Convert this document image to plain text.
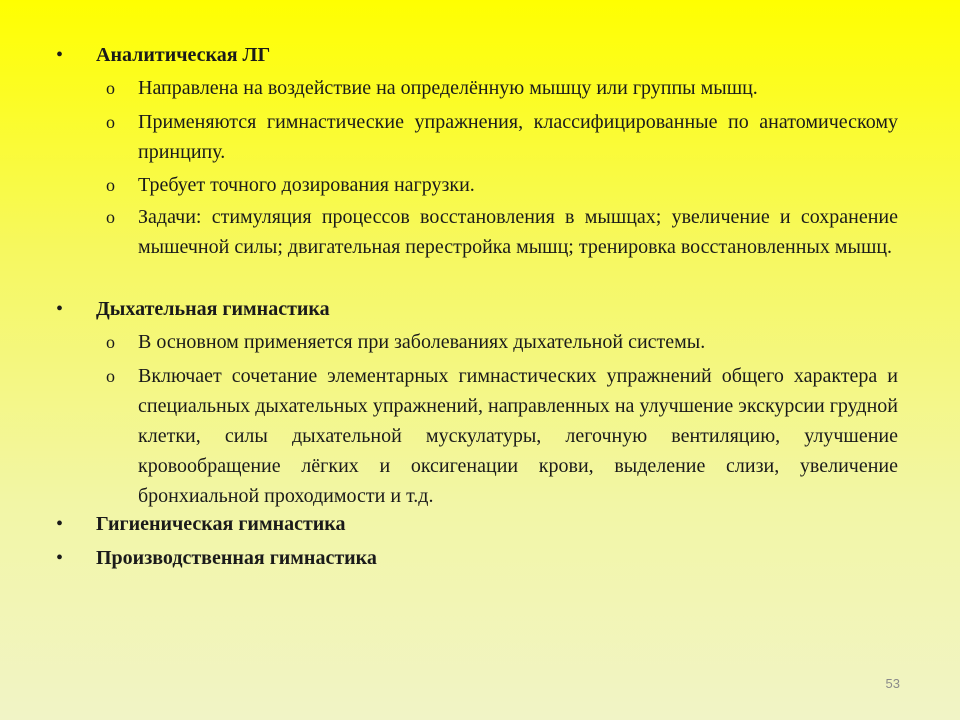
• Аналитическая ЛГ
o Направлена на воздействие на определённую мышцу или группы мышц.
o Применяются гимнастические упражнения, классифицированные по анатомическому принципу.
o Требует точного дозирования нагрузки.
o Задачи: стимуляция процессов восстановления в мышцах; увеличение и сохранение мышечной силы; двигательная перестройка мышц; тренировка восстановленных мышц.
• Дыхательная гимнастика
o В основном применяется при заболеваниях дыхательной системы.
o Включает сочетание элементарных гимнастических упражнений общего характера и специальных дыхательных упражнений, направленных на улучшение экскурсии грудной клетки, силы дыхательной мускулатуры, легочную вентиляцию, улучшение кровообращение лёгких и оксигенации крови, выделение слизи, увеличение бронхиальной проходимости и т.д.
• Гигиеническая гимнастика
• Производственная гимнастика
53
